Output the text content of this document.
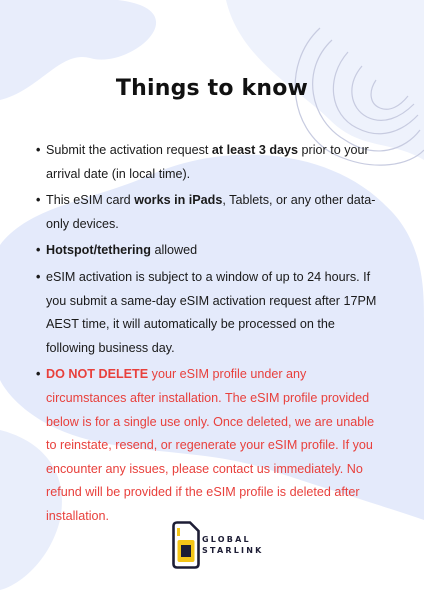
Things to know
• Submit the activation request at least 3 days prior to your arrival date (in local time).
• This eSIM card works in iPads, Tablets, or any other data-only devices.
• Hotspot/tethering allowed
• eSIM activation is subject to a window of up to 24 hours. If you submit a same-day eSIM activation request after 17PM AEST time, it will automatically be processed on the following business day.
• DO NOT DELETE your eSIM profile under any circumstances after installation. The eSIM profile provided below is for a single use only. Once deleted, we are unable to reinstate, resend, or regenerate your eSIM profile. If you encounter any issues, please contact us immediately. No refund will be provided if the eSIM profile is deleted after installation.
GLOBAL
STARLINK
